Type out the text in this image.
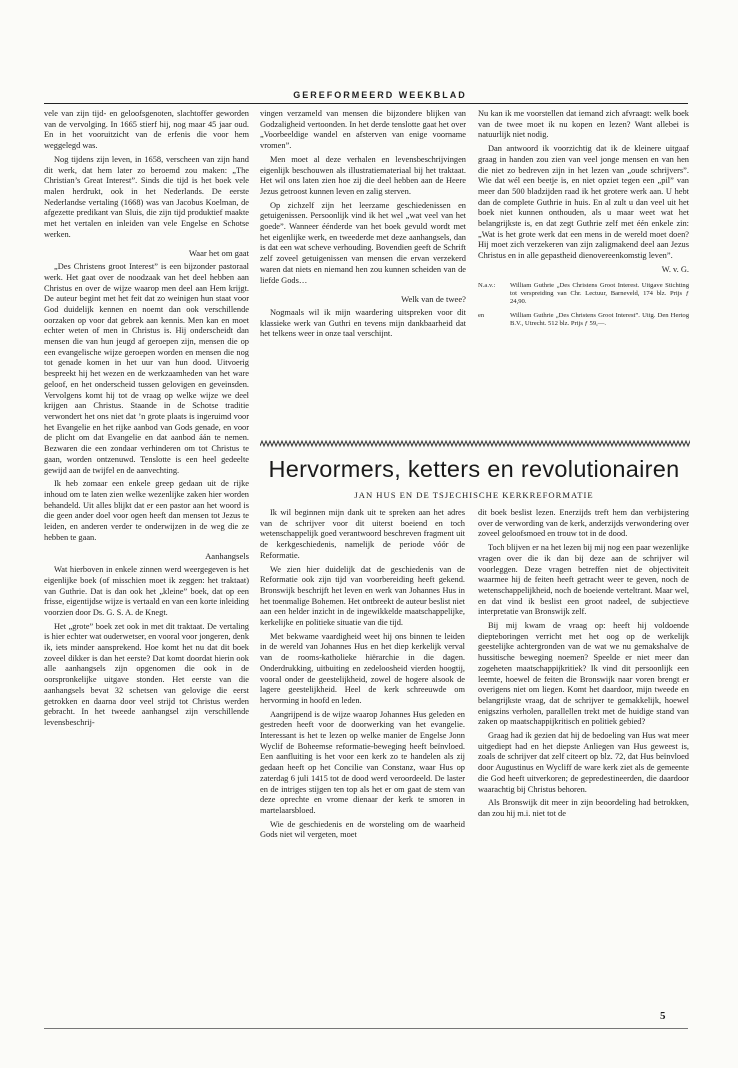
GEREFORMEERD WEEKBLAD

vele van zijn tijd- en geloofsgenoten, slachtoffer geworden van de vervolging. In 1665 stierf hij, nog maar 45 jaar oud. En in het vooruitzicht van de erfenis die voor hem weggelegd was.

Nog tijdens zijn leven, in 1658, verscheen van zijn hand dit werk, dat hem later zo beroemd zou maken: „The Christian’s Great Interest”. Sinds die tijd is het boek vele malen herdrukt, ook in het Nederlands. De eerste Nederlandse vertaling (1668) was van Jacobus Koelman, de afgezette predikant van Sluis, die zijn tijd produktief maakte met het vertalen en inleiden van vele Engelse en Schotse werken.

Waar het om gaat

„Des Christens groot Interest” is een bijzonder pastoraal werk. Het gaat over de noodzaak van het deel hebben aan Christus en over de wijze waarop men deel aan Hem krijgt. De auteur begint met het feit dat zo weinigen hun staat voor God duidelijk kennen en noemt dan ook verschillende oorzaken op voor dat gebrek aan kennis. Men kan en moet echter weten of men in Christus is. Hij onderscheidt dan mensen die van hun jeugd af geroepen zijn, mensen die op een evangelische wijze geroepen worden en mensen die nog tot genade komen in het uur van hun dood. Uitvoerig bespreekt hij het wezen en de werkzaamheden van het ware geloof, en het onderscheid tussen gelovigen en geveinsden. Vervolgens komt hij tot de vraag op welke wijze we deel krijgen aan Christus. Staande in de Schotse traditie verwondert het ons niet dat ’n grote plaats is ingeruimd voor het Evangelie en het rijke aanbod van Gods genade, en voor de plicht om dat Evangelie en dat aanbod áán te nemen. Bezwaren die een zondaar verhinderen om tot Christus te gaan, worden ontzenuwd. Tenslotte is een heel gedeelte gewijd aan de twijfel en de aanvechting.

Ik heb zomaar een enkele greep gedaan uit de rijke inhoud om te laten zien welke wezenlijke zaken hier worden behandeld. Uit alles blijkt dat er een pastor aan het woord is die geen ander doel voor ogen heeft dan mensen tot Jezus te leiden, en anderen verder te onderwijzen in de weg die ze hebben te gaan.

Aanhangsels

Wat hierboven in enkele zinnen werd weergegeven is het eigenlijke boek (of misschien moet ik zeggen: het traktaat) van Guthrie. Dat is dan ook het „kleine” boek, dat op een frisse, eigentijdse wijze is vertaald en van een korte inleiding voorzien door Ds. G. S. A. de Knegt.

Het „grote” boek zet ook in met dit traktaat. De vertaling is hier echter wat ouderwetser, en vooral voor jongeren, denk ik, iets minder aansprekend. Hoe komt het nu dat dit boek zoveel dikker is dan het eerste? Dat komt doordat hierin ook alle aanhangsels zijn opgenomen die ook in de oorspronkelijke uitgave stonden. Het eerste van die aanhangsels bevat 32 schetsen van gelovige die eerst getrokken en daarna door veel strijd tot Christus werden gebracht. In het tweede aanhangsel zijn verschillende levensbeschrij-

vingen verzameld van mensen die bijzondere blijken van Godzaligheid vertoonden. In het derde tenslotte gaat het over „Voorbeeldige wandel en afsterven van enige voorname vromen”.

Men moet al deze verhalen en levensbeschrijvingen eigenlijk beschouwen als illustratiemateriaal bij het traktaat. Het wil ons laten zien hoe zij die deel hebben aan de Heere Jezus getroost kunnen leven en zalig sterven.

Op zichzelf zijn het leerzame geschiedenissen en getuigenissen. Persoonlijk vind ik het wel „wat veel van het goede”. Wanneer éénderde van het boek gevuld wordt met het eigenlijke werk, en tweederde met deze aanhangsels, dan is dat een wat scheve verhouding. Bovendien geeft de Schrift zelf zoveel getuigenissen van mensen die ervan verzekerd waren dat niets en niemand hen zou kunnen scheiden van de liefde Gods…

Welk van de twee?

Nogmaals wil ik mijn waardering uitspreken voor dit klassieke werk van Guthri en tevens mijn dankbaarheid dat het telkens weer in onze taal verschijnt.

Nu kan ik me voorstellen dat iemand zich afvraagt: welk boek van de twee moet ik nu kopen en lezen? Want allebei is natuurlijk niet nodig.

Dan antwoord ik voorzichtig dat ik de kleinere uitgaaf graag in handen zou zien van veel jonge mensen en van hen die niet zo bedreven zijn in het lezen van „oude schrijvers”. Wie dat wél een beetje is, en niet opziet tegen een „pil” van meer dan 500 bladzijden raad ik het grotere werk aan. U hebt dan de complete Guthrie in huis. En al zult u dan veel uit het boek niet kunnen onthouden, als u maar weet wat het belangrijkste is, en dat zegt Guthrie zelf met één enkele zin: „Wat is het grote werk dat een mens in de wereld moet doen? Hij moet zich verzekeren van zijn zaligmakend deel aan Jezus Christus en in alle gepastheid dienovereenkomstig leven”.

W. v. G.
N.a.v.:	William Guthrie „Des Christens Groot Interest. Uitgave Stichting tot verspreiding van Chr. Lectuur, Barneveld, 174 blz. Prijs ƒ 24,90.
en	William Guthrie „Des Christens Groot Interest”. Uitg. Den Hertog B.V., Utrecht. 512 blz. Prijs ƒ 59,—.
Hervormers, ketters en revolutionairen
JAN HUS EN DE TSJECHISCHE KERKREFORMATIE

Ik wil beginnen mijn dank uit te spreken aan het adres van de schrijver voor dit uiterst boeiend en toch wetenschappelijk goed verantwoord beschreven fragment uit de kerkgeschiedenis, namelijk de periode vóór de Reformatie.

We zien hier duidelijk dat de geschiedenis van de Reformatie ook zijn tijd van voorbereiding heeft gekend. Bronswijk beschrijft het leven en werk van Johannes Hus in het toenmalige Bohemen. Het ontbreekt de auteur beslist niet aan een helder inzicht in de ingewikkelde maatschappelijke, kerkelijke en politieke situatie van die tijd.

Met bekwame vaardigheid weet hij ons binnen te leiden in de wereld van Johannes Hus en het diep kerkelijk verval van de rooms-katholieke hiërarchie in die dagen. Onderdrukking, uitbuiting en zedeloosheid vierden hoogtij, vooral onder de geestelijkheid, zowel de hogere alsook de lagere geestelijkheid. Heel de kerk schreeuwde om hervorming in hoofd en leden.

Aangrijpend is de wijze waarop Johannes Hus geleden en gestreden heeft voor de doorwerking van het evangelie. Interessant is het te lezen op welke manier de Engelse Jonn Wyclif de Boheemse reformatie-beweging heeft beïnvloed. Een aanfluiting is het voor een kerk zo te handelen als zij gedaan heeft op het Concilie van Constanz, waar Hus op zaterdag 6 juli 1415 tot de dood werd veroordeeld. De laster en de intriges stijgen ten top als het er om gaat de stem van deze oprechte en vrome dienaar der kerk te smoren in martelaarsbloed.

Wie de geschiedenis en de worsteling om de waarheid Gods niet wil vergeten, moet

dit boek beslist lezen. Enerzijds treft hem dan verbijstering over de verwording van de kerk, anderzijds verwondering over zoveel geloofsmoed en trouw tot in de dood.

Toch blijven er na het lezen bij mij nog een paar wezenlijke vragen over die ik dan bij deze aan de schrijver wil voorleggen. Deze vragen betreffen niet de objectiviteit waarmee hij de feiten heeft getracht weer te geven, noch de wetenschappelijkheid, noch de boeiende verteltrant. Maar wel, en dat vind ik beslist een groot nadeel, de subjectieve interpretatie van Bronswijk zelf.

Bij mij kwam de vraag op: heeft hij voldoende diepteboringen verricht met het oog op de werkelijk geestelijke achtergronden van de wat we nu gemakshalve de hussitische beweging noemen? Speelde er niet meer dan zogeheten maatschappijkritiek? Ik vind dit persoonlijk een leemte, hoewel de feiten die Bronswijk naar voren brengt er overigens niet om liegen. Komt het daardoor, mijn tweede en belangrijkste vraag, dat de schrijver te gemakkelijk, hoewel enigszins verholen, parallellen trekt met de huidige stand van zaken op maatschappijkritisch en politiek gebied?

Graag had ik gezien dat hij de bedoeling van Hus wat meer uitgediept had en het diepste Anliegen van Hus geweest is, zoals de schrijver dat zelf citeert op blz. 72, dat Hus beïnvloed door Augustinus en Wycliff de ware kerk ziet als de gemeente die God heeft uitverkoren; de gepredestineerden, die daardoor waarachtig bij Christus behoren.

Als Bronswijk dit meer in zijn beoordeling had betrokken, dan zou hij m.i. niet tot de

5
